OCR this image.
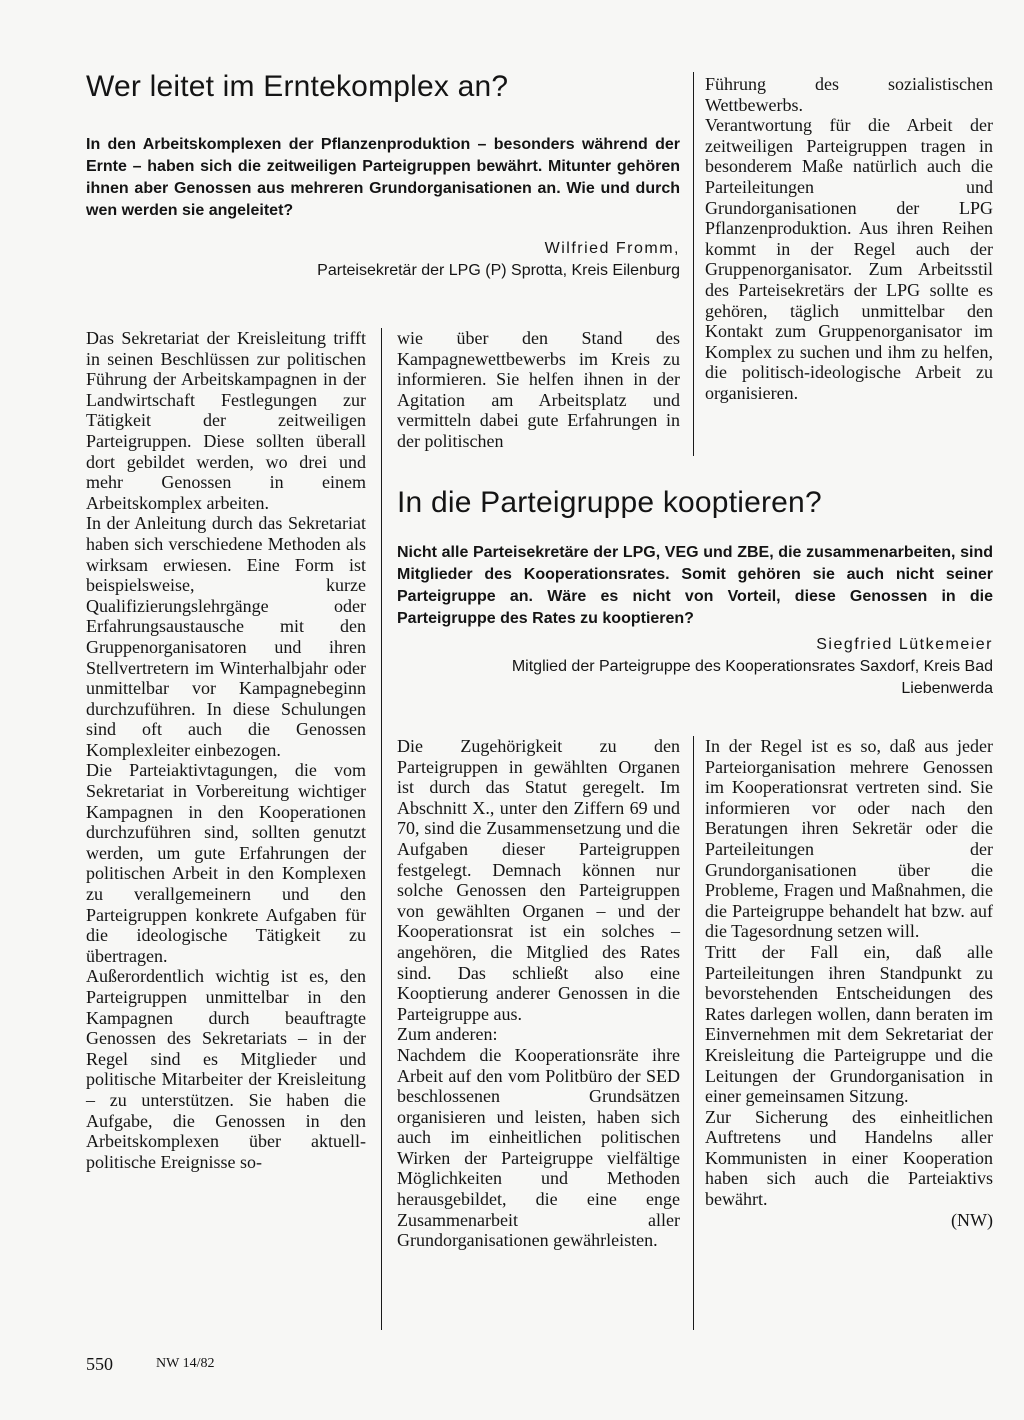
Wer leitet im Erntekomplex an?

In den Arbeitskomplexen der Pflanzenproduktion – besonders während der Ernte – haben sich die zeitweiligen Parteigruppen bewährt. Mitunter gehören ihnen aber Genossen aus mehreren Grundorganisationen an. Wie und durch wen werden sie angeleitet?

Wilfried Fromm,
Parteisekretär der LPG (P) Sprotta, Kreis Eilenburg

Das Sekretariat der Kreisleitung trifft in seinen Beschlüssen zur politischen Führung der Arbeitskampagnen in der Landwirtschaft Festlegungen zur Tätigkeit der zeitweiligen Parteigruppen. Diese sollten überall dort gebildet werden, wo drei und mehr Genossen in einem Arbeitskomplex arbeiten.

In der Anleitung durch das Sekretariat haben sich verschiedene Methoden als wirksam erwiesen. Eine Form ist beispielsweise, kurze Qualifizierungslehrgänge oder Erfahrungsaustausche mit den Gruppenorganisatoren und ihren Stellvertretern im Winterhalbjahr oder unmittelbar vor Kampagnebeginn durchzuführen. In diese Schulungen sind oft auch die Genossen Komplexleiter einbezogen.

Die Parteiaktivtagungen, die vom Sekretariat in Vorbereitung wichtiger Kampagnen in den Kooperationen durchzuführen sind, sollten genutzt werden, um gute Erfahrungen der politischen Arbeit in den Komplexen zu verallgemeinern und den Parteigruppen konkrete Aufgaben für die ideologische Tätigkeit zu übertragen.

Außerordentlich wichtig ist es, den Parteigruppen unmittelbar in den Kampagnen durch beauftragte Genossen des Sekretariats – in der Regel sind es Mitglieder und politische Mitarbeiter der Kreisleitung – zu unterstützen. Sie haben die Aufgabe, die Genossen in den Arbeitskomplexen über aktuell-politische Ereignisse so-

wie über den Stand des Kampagnewettbewerbs im Kreis zu informieren. Sie helfen ihnen in der Agitation am Arbeitsplatz und vermitteln dabei gute Erfahrungen in der politischen

Führung des sozialistischen Wettbewerbs.

Verantwortung für die Arbeit der zeitweiligen Parteigruppen tragen in besonderem Maße natürlich auch die Parteileitungen und Grundorganisationen der LPG Pflanzenproduktion. Aus ihren Reihen kommt in der Regel auch der Gruppenorganisator. Zum Arbeitsstil des Parteisekretärs der LPG sollte es gehören, täglich unmittelbar den Kontakt zum Gruppenorganisator im Komplex zu suchen und ihm zu helfen, die politisch-ideologische Arbeit zu organisieren.

In die Parteigruppe kooptieren?

Nicht alle Parteisekretäre der LPG, VEG und ZBE, die zusammenarbeiten, sind Mitglieder des Kooperationsrates. Somit gehören sie auch nicht seiner Parteigruppe an. Wäre es nicht von Vorteil, diese Genossen in die Parteigruppe des Rates zu kooptieren?

Siegfried Lütkemeier
Mitglied der Parteigruppe des Kooperationsrates Saxdorf, Kreis Bad Liebenwerda

Die Zugehörigkeit zu den Parteigruppen in gewählten Organen ist durch das Statut geregelt. Im Abschnitt X., unter den Ziffern 69 und 70, sind die Zusammensetzung und die Aufgaben dieser Parteigruppen festgelegt. Demnach können nur solche Genossen den Parteigruppen von gewählten Organen – und der Kooperationsrat ist ein solches – angehören, die Mitglied des Rates sind. Das schließt also eine Kooptierung anderer Genossen in die Parteigruppe aus.

Zum anderen:

Nachdem die Kooperationsräte ihre Arbeit auf den vom Politbüro der SED beschlossenen Grundsätzen organisieren und leisten, haben sich auch im einheitlichen politischen Wirken der Parteigruppe vielfältige Möglichkeiten und Methoden herausgebildet, die eine enge Zusammenarbeit aller Grundorganisationen gewährleisten.

In der Regel ist es so, daß aus jeder Parteiorganisation mehrere Genossen im Kooperationsrat vertreten sind. Sie informieren vor oder nach den Beratungen ihren Sekretär oder die Parteileitungen der Grundorganisationen über die Probleme, Fragen und Maßnahmen, die die Parteigruppe behandelt hat bzw. auf die Tagesordnung setzen will.

Tritt der Fall ein, daß alle Parteileitungen ihren Standpunkt zu bevorstehenden Entscheidungen des Rates darlegen wollen, dann beraten im Einvernehmen mit dem Sekretariat der Kreisleitung die Parteigruppe und die Leitungen der Grundorganisation in einer gemeinsamen Sitzung.

Zur Sicherung des einheitlichen Auftretens und Handelns aller Kommunisten in einer Kooperation haben sich auch die Parteiaktivs bewährt.

(NW)

550	NW 14/82
